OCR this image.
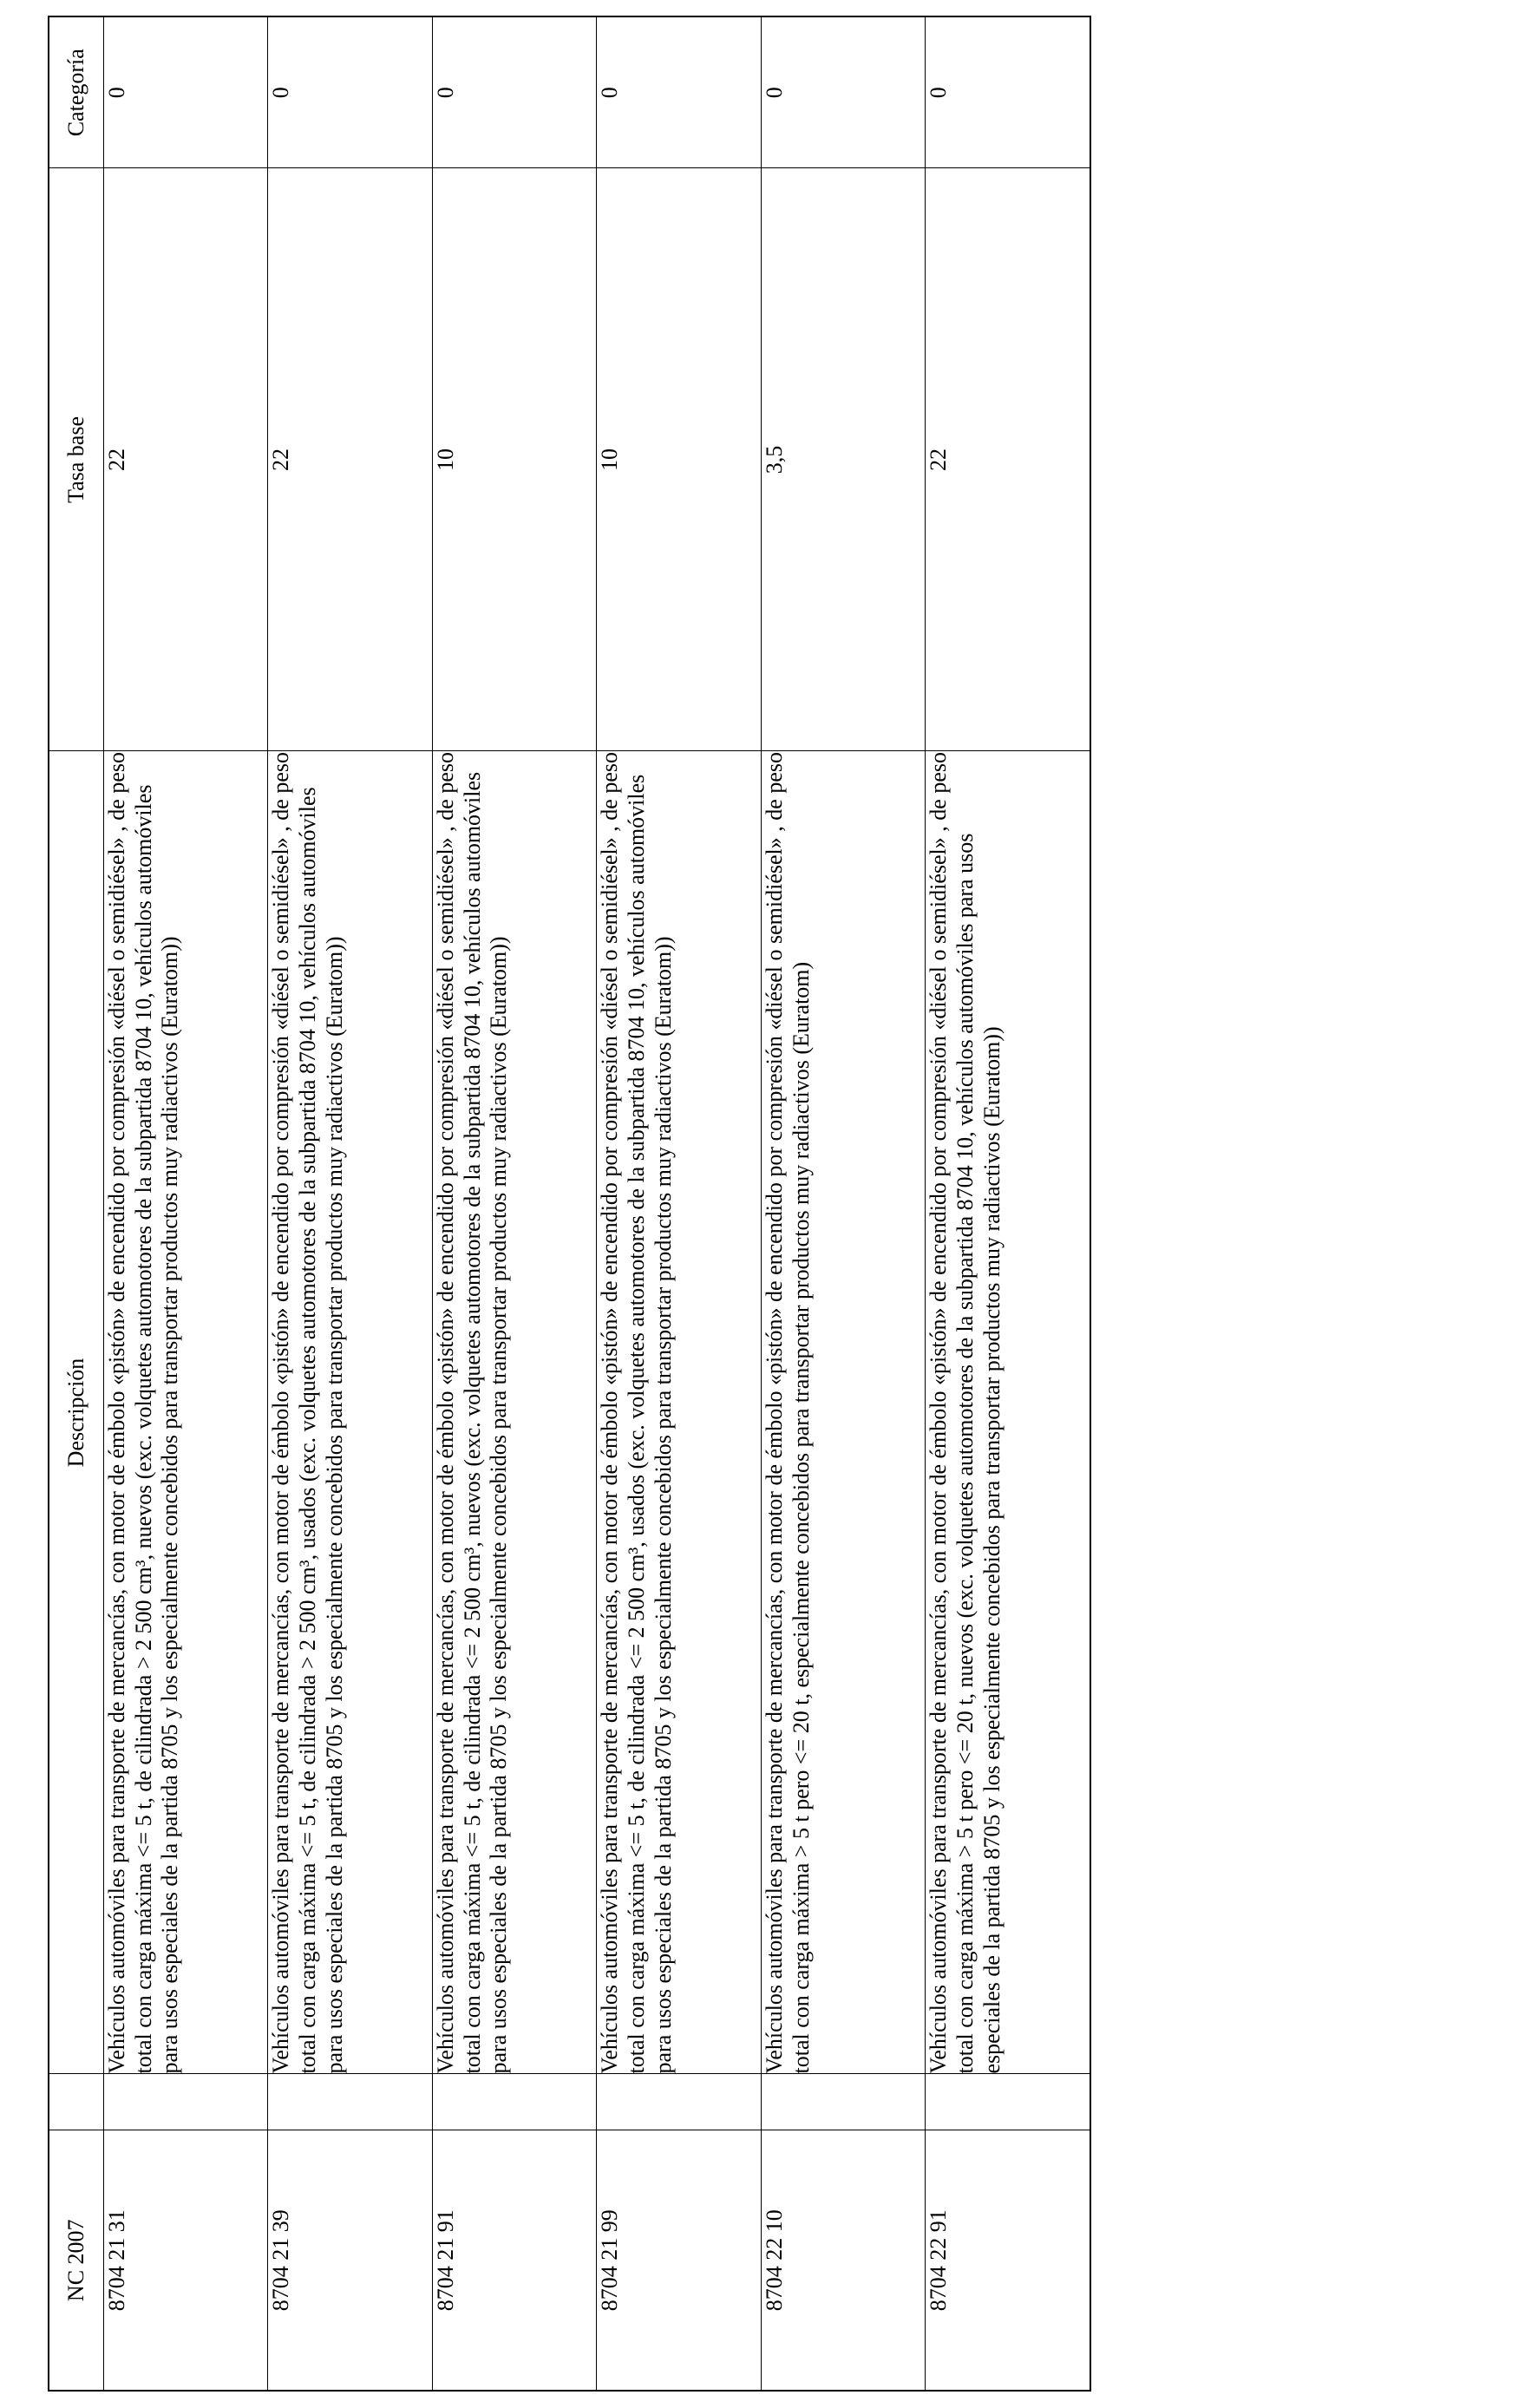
NC 2007		Descripción	Tasa base	Categoría
8704 21 31		Vehículos automóviles para transporte de mercancías, con motor de émbolo «pistón» de encendido por compresión «diésel o semidiésel» , de peso total con carga máxima <= 5 t, de cilindrada > 2 500 cm³, nuevos (exc. volquetes automotores de la subpartida 8704 10, vehículos automóviles para usos especiales de la partida 8705 y los especialmente concebidos para transportar productos muy radiactivos (Euratom))	22	0
8704 21 39		Vehículos automóviles para transporte de mercancías, con motor de émbolo «pistón» de encendido por compresión «diésel o semidiésel» , de peso total con carga máxima <= 5 t, de cilindrada > 2 500 cm³, usados (exc. volquetes automotores de la subpartida 8704 10, vehículos automóviles para usos especiales de la partida 8705 y los especialmente concebidos para transportar productos muy radiactivos (Euratom))	22	0
8704 21 91		Vehículos automóviles para transporte de mercancías, con motor de émbolo «pistón» de encendido por compresión «diésel o semidiésel» , de peso total con carga máxima <= 5 t, de cilindrada <= 2 500 cm³, nuevos (exc. volquetes automotores de la subpartida 8704 10, vehículos automóviles para usos especiales de la partida 8705 y los especialmente concebidos para transportar productos muy radiactivos (Euratom))	10	0
8704 21 99		Vehículos automóviles para transporte de mercancías, con motor de émbolo «pistón» de encendido por compresión «diésel o semidiésel» , de peso total con carga máxima <= 5 t, de cilindrada <= 2 500 cm³, usados (exc. volquetes automotores de la subpartida 8704 10, vehículos automóviles para usos especiales de la partida 8705 y los especialmente concebidos para transportar productos muy radiactivos (Euratom))	10	0
8704 22 10		Vehículos automóviles para transporte de mercancías, con motor de émbolo «pistón» de encendido por compresión «diésel o semidiésel» , de peso total con carga máxima > 5 t pero <= 20 t, especialmente concebidos para transportar productos muy radiactivos (Euratom)	3,5	0
8704 22 91		Vehículos automóviles para transporte de mercancías, con motor de émbolo «pistón» de encendido por compresión «diésel o semidiésel» , de peso total con carga máxima > 5 t pero <= 20 t, nuevos (exc. volquetes automotores de la subpartida 8704 10, vehículos automóviles para usos especiales de la partida 8705 y los especialmente concebidos para transportar productos muy radiactivos (Euratom))	22	0
